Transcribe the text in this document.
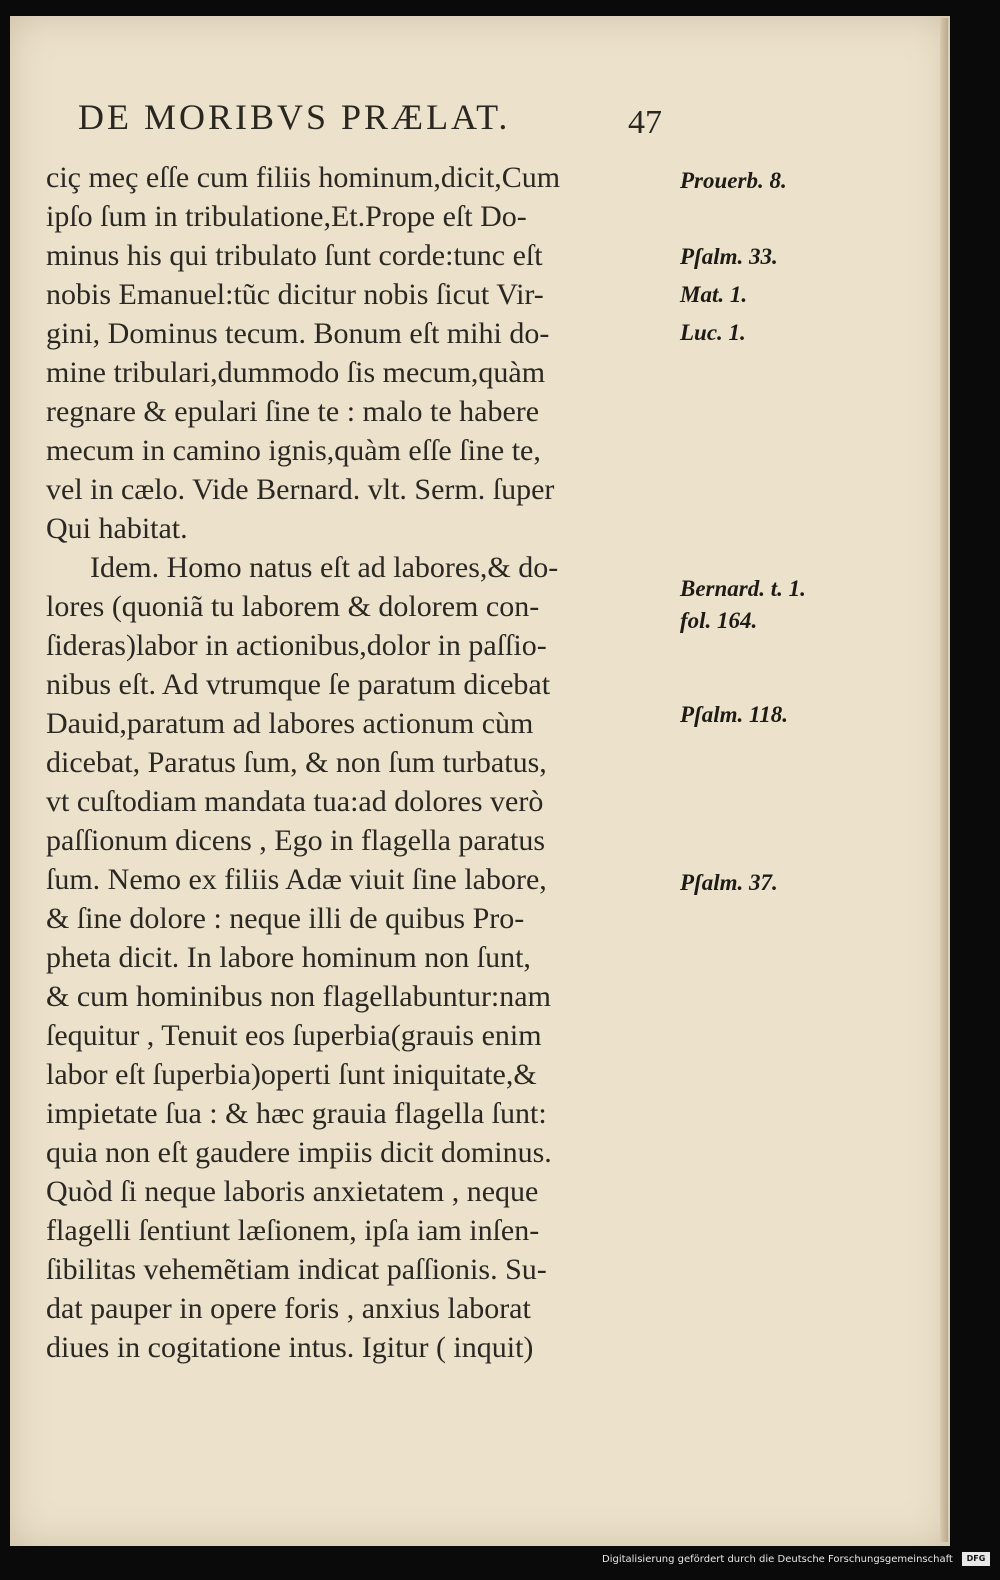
DE MORIBVS PRÆLAT.	47
ciç meç eſſe cum filiis hominum,dicit,Cum
ipſo ſum in tribulatione,Et.Prope eſt Do-
minus his qui tribulato ſunt corde:tunc eſt
nobis Emanuel:tũc dicitur nobis ſicut Vir-
gini, Dominus tecum. Bonum eſt mihi do-
mine tribulari,dummodo ſis mecum,quàm
regnare & epulari ſine te : malo te habere
mecum in camino ignis,quàm eſſe ſine te,
vel in cælo. Vide Bernard. vlt. Serm. ſuper
Qui habitat.
Idem. Homo natus eſt ad labores,& do-
lores (quoniã tu laborem & dolorem con-
ſideras)labor in actionibus,dolor in paſſio-
nibus eſt. Ad vtrumque ſe paratum dicebat
Dauid,paratum ad labores actionum cùm
dicebat, Paratus ſum, & non ſum turbatus,
vt cuſtodiam mandata tua:ad dolores verò
paſſionum dicens , Ego in flagella paratus
ſum. Nemo ex filiis Adæ viuit ſine labore,
& ſine dolore : neque illi de quibus Pro-
pheta dicit. In labore hominum non ſunt,
& cum hominibus non flagellabuntur:nam
ſequitur , Tenuit eos ſuperbia(grauis enim
labor eſt ſuperbia)operti ſunt iniquitate,&
impietate ſua : & hæc grauia flagella ſunt:
quia non eſt gaudere impiis dicit dominus.
Quòd ſi neque laboris anxietatem , neque
flagelli ſentiunt læſionem, ipſa iam inſen-
ſibilitas vehemẽtiam indicat paſſionis. Su-
dat pauper in opere foris , anxius laborat
diues in cogitatione intus. Igitur ( inquit)
Prouerb. 8.
Pſalm. 33.
Mat. 1.
Luc. 1.
Bernard. t. 1.
fol. 164.
Pſalm. 118.
Pſalm. 37.
Digitalisierung gefördert durch die Deutsche Forschungsgemeinschaft	DFG
